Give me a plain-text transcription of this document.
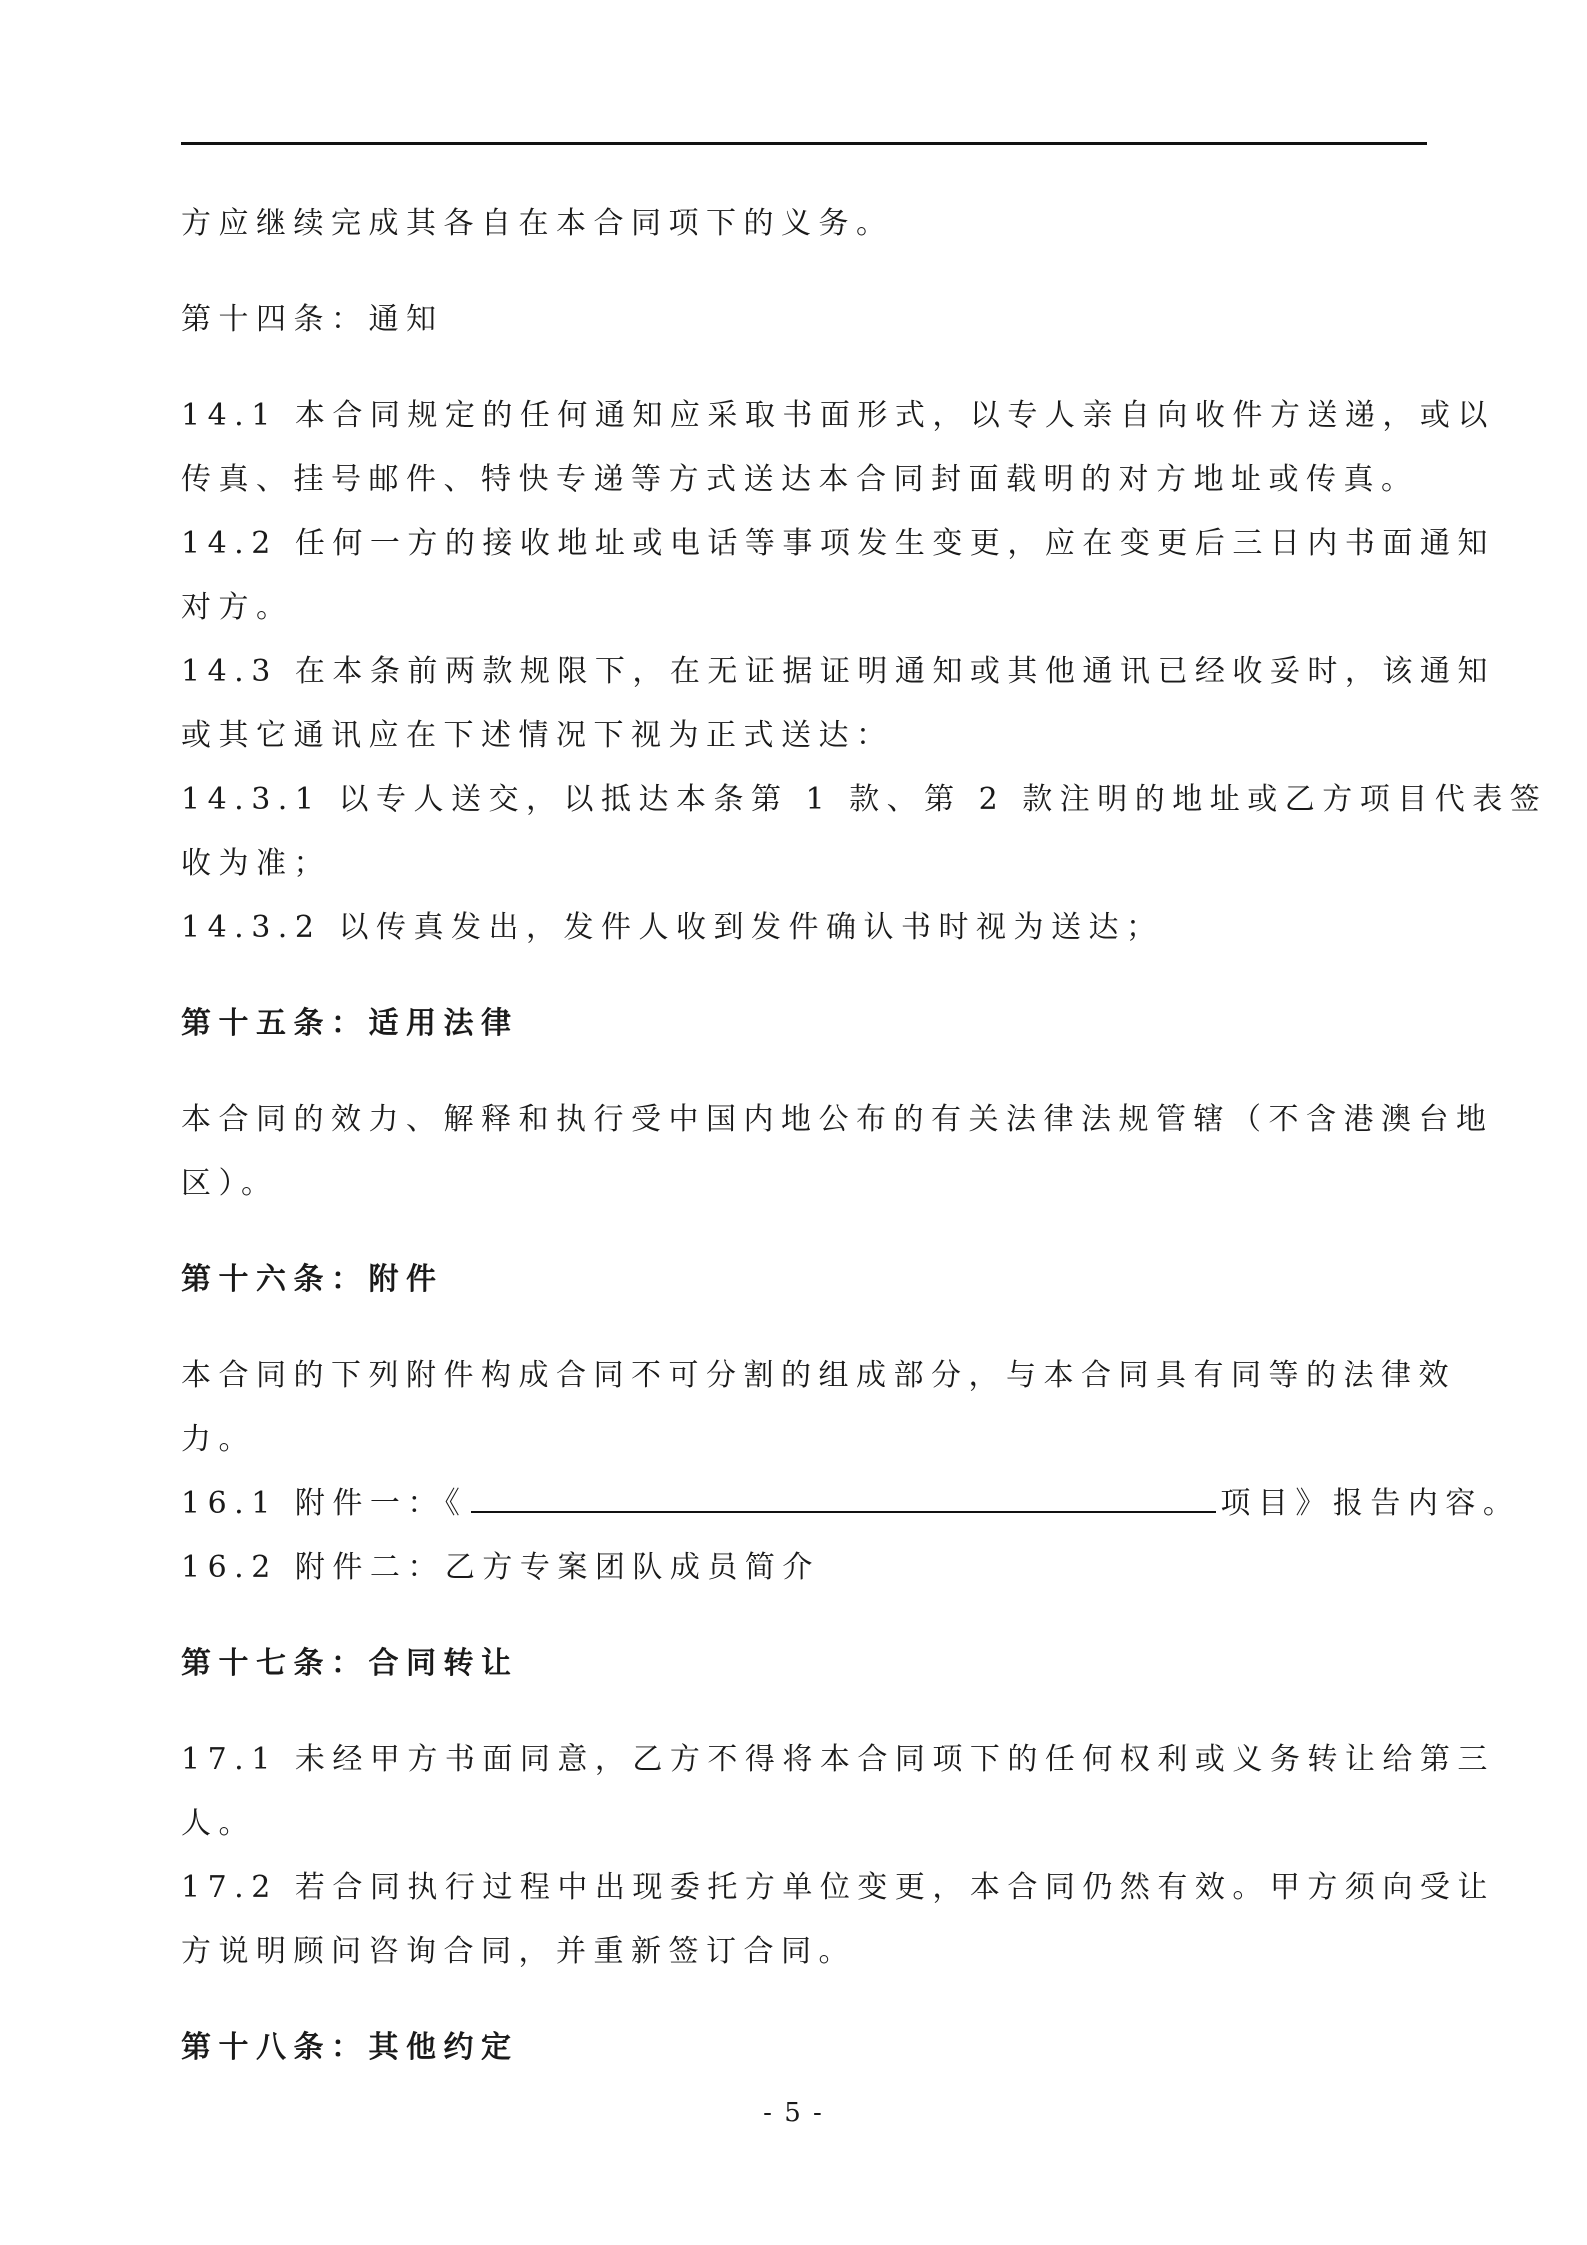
方应继续完成其各自在本合同项下的义务。
第十四条：通知
14.1 本合同规定的任何通知应采取书面形式，以专人亲自向收件方送递，或以
传真、挂号邮件、特快专递等方式送达本合同封面载明的对方地址或传真。
14.2 任何一方的接收地址或电话等事项发生变更，应在变更后三日内书面通知
对方。
14.3 在本条前两款规限下，在无证据证明通知或其他通讯已经收妥时，该通知
或其它通讯应在下述情况下视为正式送达：
14.3.1 以专人送交，以抵达本条第 1 款、第 2 款注明的地址或乙方项目代表签
收为准；
14.3.2 以传真发出，发件人收到发件确认书时视为送达；
第十五条：适用法律
本合同的效力、解释和执行受中国内地公布的有关法律法规管辖（不含港澳台地
区）。
第十六条：附件
本合同的下列附件构成合同不可分割的组成部分，与本合同具有同等的法律效
力。
16.1 附件一：《	项目》报告内容。
16.2 附件二：乙方专案团队成员简介
第十七条：合同转让
17.1 未经甲方书面同意，乙方不得将本合同项下的任何权利或义务转让给第三
人。
17.2 若合同执行过程中出现委托方单位变更，本合同仍然有效。甲方须向受让
方说明顾问咨询合同，并重新签订合同。
第十八条：其他约定
- 5 -
